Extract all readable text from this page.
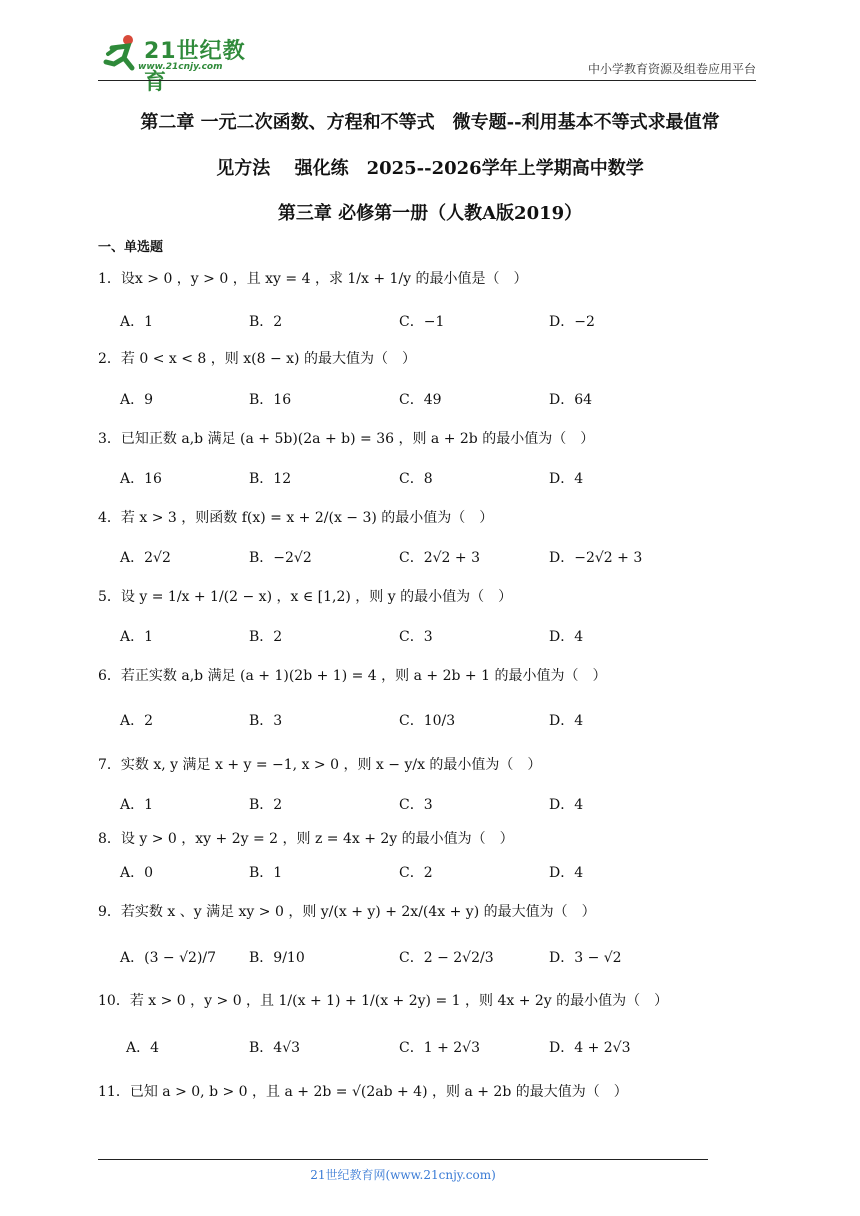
21世纪教育
www.21cnjy.com	中小学教育资源及组卷应用平台
第二章 一元二次函数、方程和不等式　微专题--利用基本不等式求最值常
见方法　 强化练　2025--2026学年上学期高中数学
第三章 必修第一册（人教A版2019）
一、单选题
1．设x > 0 ，y > 0 ，且 xy = 4 ，求 1/x + 1/y 的最小值是（　）
A．1	B．2	C．−1	D．−2
2．若 0 < x < 8 ，则 x(8 − x) 的最大值为（　）
A．9	B．16	C．49	D．64
3．已知正数 a,b 满足 (a + 5b)(2a + b) = 36 ，则 a + 2b 的最小值为（　）
A．16	B．12	C．8	D．4
4．若 x > 3 ，则函数 f(x) = x + 2/(x − 3) 的最小值为（　）
A．2√2	B．−2√2	C．2√2 + 3	D．−2√2 + 3
5．设 y = 1/x + 1/(2 − x) ，x ∈ [1,2) ，则 y 的最小值为（　）
A．1	B．2	C．3	D．4
6．若正实数 a,b 满足 (a + 1)(2b + 1) = 4 ，则 a + 2b + 1 的最小值为（　）
A．2	B．3	C．10/3	D．4
7．实数 x, y 满足 x + y = −1, x > 0 ，则 x − y/x 的最小值为（　）
A．1	B．2	C．3	D．4
8．设 y > 0 ，xy + 2y = 2 ，则 z = 4x + 2y 的最小值为（　）
A．0	B．1	C．2	D．4
9．若实数 x 、y 满足 xy > 0 ，则 y/(x + y) + 2x/(4x + y) 的最大值为（　）
A．(3 − √2)/7 B．9/10	C．2 − 2√2/3	D．3 − √2
10．若 x > 0 ，y > 0 ，且 1/(x + 1) + 1/(x + 2y) = 1 ，则 4x + 2y 的最小值为（　）
A．4	B．4√3	C．1 + 2√3	D．4 + 2√3
11．已知 a > 0, b > 0 ，且 a + 2b = √(2ab + 4) ，则 a + 2b 的最大值为（　）
21世纪教育网(www.21cnjy.com)
